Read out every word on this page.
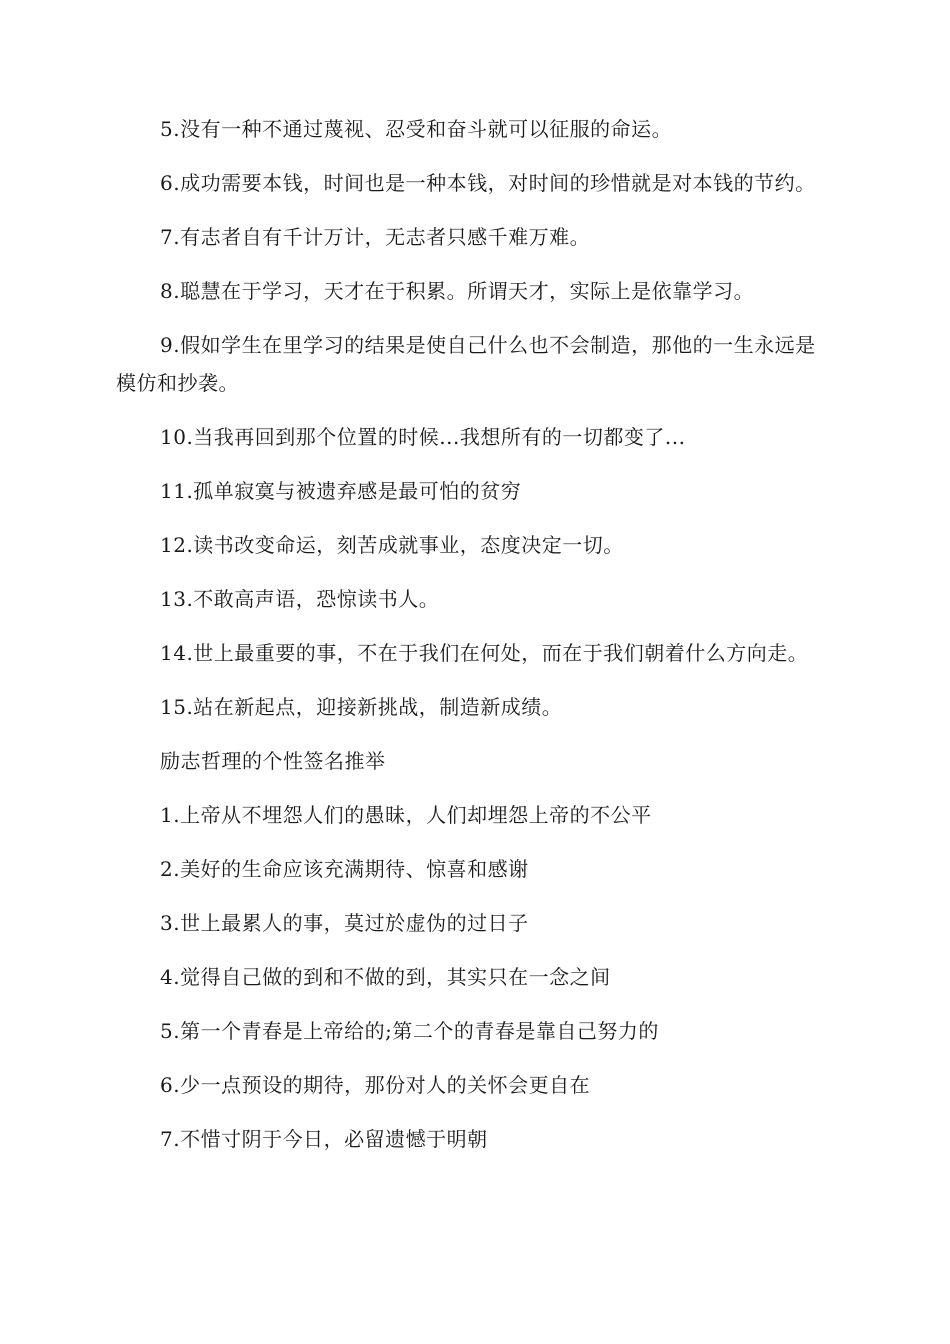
5.没有一种不通过蔑视、忍受和奋斗就可以征服的命运。

6.成功需要本钱，时间也是一种本钱，对时间的珍惜就是对本钱的节约。

7.有志者自有千计万计，无志者只感千难万难。

8.聪慧在于学习，天才在于积累。所谓天才，实际上是依靠学习。

9.假如学生在里学习的结果是使自己什么也不会制造，那他的一生永远是模仿和抄袭。

10.当我再回到那个位置的时候...我想所有的一切都变了...

11.孤单寂寞与被遗弃感是最可怕的贫穷

12.读书改变命运，刻苦成就事业，态度决定一切。

13.不敢高声语，恐惊读书人。

14.世上最重要的事，不在于我们在何处，而在于我们朝着什么方向走。

15.站在新起点，迎接新挑战，制造新成绩。

励志哲理的个性签名推举

1.上帝从不埋怨人们的愚昧，人们却埋怨上帝的不公平

2.美好的生命应该充满期待、惊喜和感谢

3.世上最累人的事，莫过於虚伪的过日子

4.觉得自己做的到和不做的到，其实只在一念之间

5.第一个青春是上帝给的;第二个的青春是靠自己努力的

6.少一点预设的期待，那份对人的关怀会更自在

7.不惜寸阴于今日，必留遗憾于明朝
